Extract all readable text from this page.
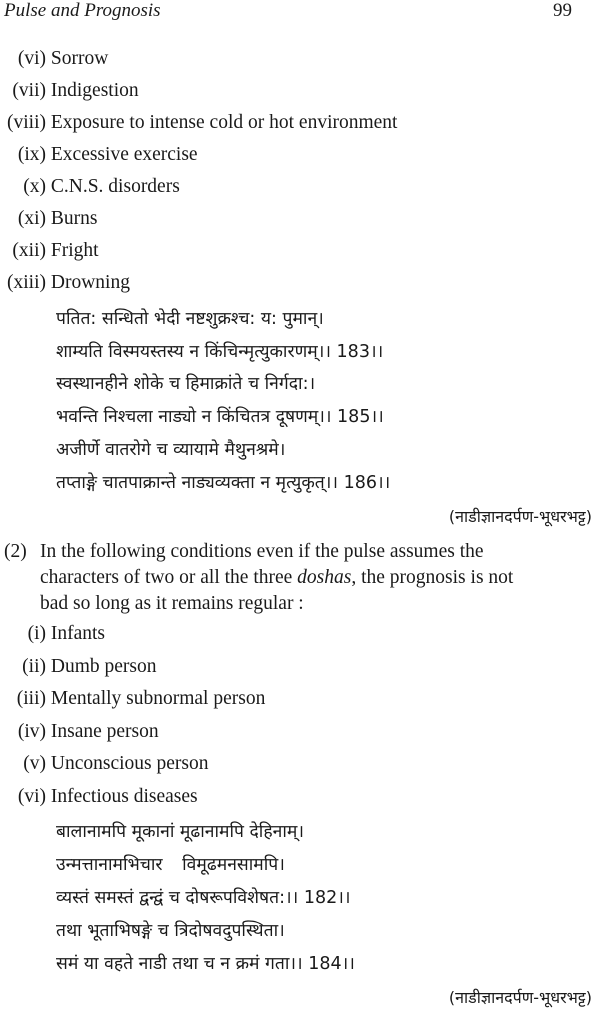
Pulse and Prognosis	99
(vi) Sorrow
(vii) Indigestion
(viii) Exposure to intense cold or hot environment
(ix) Excessive exercise
(x) C.N.S. disorders
(xi) Burns
(xii) Fright
(xiii) Drowning
पतित: सन्धितो भेदी नष्टशुक्रश्च: य: पुमान्।
शाम्यति विस्मयस्तस्य न किंचिन्मृत्युकारणम्।। 183।।
स्वस्थानहीने शोके च हिमाक्रांते च निर्गदा:।
भवन्ति निश्चला नाड्यो न किंचितत्र दूषणम्।। 185।।
अजीर्णे वातरोगे च व्यायामे मैथुनश्रमे।
तप्ताङ्गे चातपाक्रान्ते नाड्यव्यक्ता न मृत्युकृत्।। 186।।
(नाडीज्ञानदर्पण-भूधरभट्ट)
(2) In the following conditions even if the pulse assumes the
characters of two or all the three doshas, the prognosis is not
bad so long as it remains regular :
(i) Infants
(ii) Dumb person
(iii) Mentally subnormal person
(iv) Insane person
(v) Unconscious person
(vi) Infectious diseases
बालानामपि मूकानां मूढानामपि देहिनाम्।
उन्मत्तानामभिचार विमूढमनसामपि।
व्यस्तं समस्तं द्वन्द्वं च दोषरूपविशेषत:।। 182।।
तथा भूताभिषङ्गे च त्रिदोषवदुपस्थिता।
समं या वहते नाडी तथा च न क्रमं गता।। 184।।
(नाडीज्ञानदर्पण-भूधरभट्ट)
